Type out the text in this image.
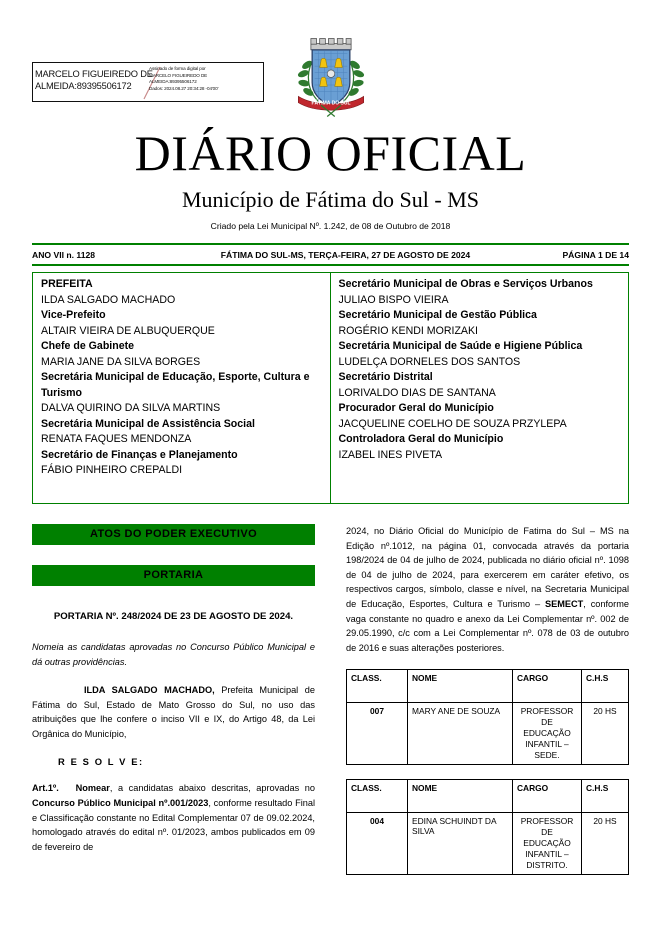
MARCELO FIGUEIREDO DE ALMEIDA:89395506172
Assinado de forma digital por
MARCELO FIGUEIREDO DE
ALMEIDA:89395506172
Dados: 2024.08.27 20:34:28 -04'00'
FÁTIMA DO SUL
DIÁRIO OFICIAL
Município de Fátima do Sul - MS
Criado pela Lei Municipal Nº. 1.242, de 08 de Outubro de 2018
ANO VII n. 1128	FÁTIMA DO SUL-MS, TERÇA-FEIRA, 27 DE AGOSTO DE 2024	PÁGINA 1 DE 14
PREFEITA
ILDA SALGADO MACHADO
Vice-Prefeito
ALTAIR VIEIRA DE ALBUQUERQUE
Chefe de Gabinete
MARIA JANE DA SILVA BORGES
Secretária Municipal de Educação, Esporte, Cultura e Turismo
DALVA QUIRINO DA SILVA MARTINS
Secretária Municipal de Assistência Social
RENATA FAQUES MENDONZA
Secretário de Finanças e Planejamento
FÁBIO PINHEIRO CREPALDI
Secretário Municipal de Obras e Serviços Urbanos
JULIAO BISPO VIEIRA
Secretário Municipal de Gestão Pública
ROGÉRIO KENDI MORIZAKI
Secretária Municipal de Saúde e Higiene Pública
LUDELÇA DORNELES DOS SANTOS
Secretário Distrital
LORIVALDO DIAS DE SANTANA
Procurador Geral do Município
JACQUELINE COELHO DE SOUZA PRZYLEPA
Controladora Geral do Município
IZABEL INES PIVETA
ATOS DO PODER EXECUTIVO
PORTARIA
PORTARIA Nº. 248/2024 DE 23 DE AGOSTO DE 2024.
Nomeia as candidatas aprovadas no Concurso Público Municipal e dá outras providências.

ILDA SALGADO MACHADO, Prefeita Municipal de Fátima do Sul, Estado de Mato Grosso do Sul, no uso das atribuições que lhe confere o inciso VII e IX, do Artigo 48, da Lei Orgânica do Município,

R E S O L V E:

Art.1º. Nomear, a candidatas abaixo descritas, aprovadas no Concurso Público Municipal nº.001/2023, conforme resultado Final e Classificação constante no Edital Complementar 07 de 09.02.2024, homologado através do edital nº. 01/2023, ambos publicados em 09 de fevereiro de

2024, no Diário Oficial do Município de Fatima do Sul – MS na Edição nº.1012, na página 01, convocada através da portaria 198/2024 de 04 de julho de 2024, publicada no diário oficial nº. 1098 de 04 de julho de 2024, para exercerem em caráter efetivo, os respectivos cargos, símbolo, classe e nível, na Secretaria Municipal de Educação, Esportes, Cultura e Turismo – SEMECT, conforme vaga constante no quadro e anexo da Lei Complementar nº. 002 de 29.05.1990, c/c com a Lei Complementar nº. 078 de 03 de outubro de 2016 e suas alterações posteriores.

CLASS.	NOME	CARGO	C.H.S
007	MARY ANE DE SOUZA	PROFESSOR DE EDUCAÇÃO INFANTIL – SEDE.	20 HS
CLASS.	NOME	CARGO	C.H.S
004	EDINA SCHUINDT DA SILVA	PROFESSOR DE EDUCAÇÃO INFANTIL – DISTRITO.	20 HS
